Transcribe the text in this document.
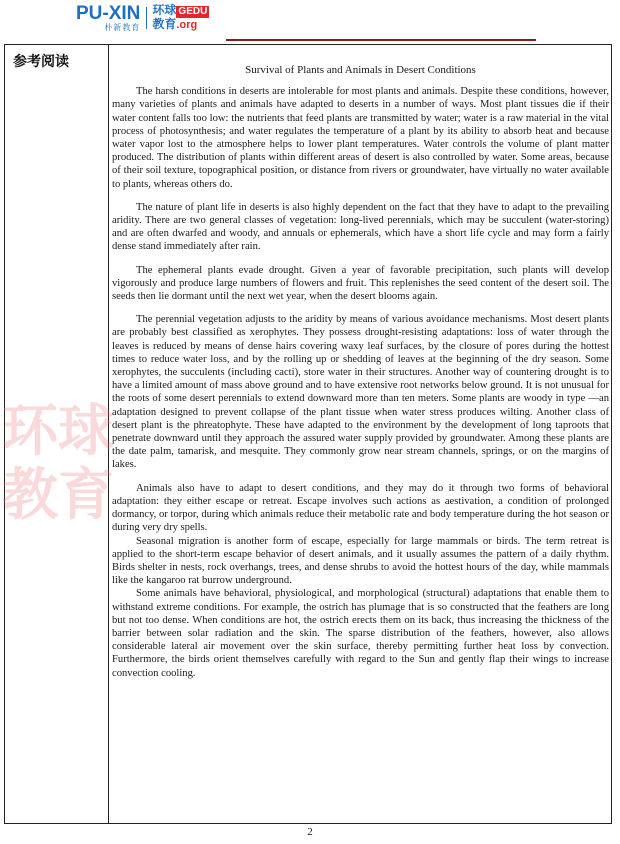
PU-XIN
朴新教育
环球 GEDU
教育.org
参考阅读
环球
教育
Survival of Plants and Animals in Desert Conditions

The harsh conditions in deserts are intolerable for most plants and animals. Despite these conditions, however, many varieties of plants and animals have adapted to deserts in a number of ways. Most plant tissues die if their water content falls too low: the nutrients that feed plants are transmitted by water; water is a raw material in the vital process of photosynthesis; and water regulates the temperature of a plant by its ability to absorb heat and because water vapor lost to the atmosphere helps to lower plant temperatures. Water controls the volume of plant matter produced. The distribution of plants within different areas of desert is also controlled by water. Some areas, because of their soil texture, topographical position, or distance from rivers or groundwater, have virtually no water available to plants, whereas others do.

The nature of plant life in deserts is also highly dependent on the fact that they have to adapt to the prevailing aridity. There are two general classes of vegetation: long-lived perennials, which may be succulent (water-storing) and are often dwarfed and woody, and annuals or ephemerals, which have a short life cycle and may form a fairly dense stand immediately after rain.

The ephemeral plants evade drought. Given a year of favorable precipitation, such plants will develop vigorously and produce large numbers of flowers and fruit. This replenishes the seed content of the desert soil. The seeds then lie dormant until the next wet year, when the desert blooms again.

The perennial vegetation adjusts to the aridity by means of various avoidance mechanisms. Most desert plants are probably best classified as xerophytes. They possess drought-resisting adaptations: loss of water through the leaves is reduced by means of dense hairs covering waxy leaf surfaces, by the closure of pores during the hottest times to reduce water loss, and by the rolling up or shedding of leaves at the beginning of the dry season. Some xerophytes, the succulents (including cacti), store water in their structures. Another way of countering drought is to have a limited amount of mass above ground and to have extensive root networks below ground. It is not unusual for the roots of some desert perennials to extend downward more than ten meters. Some plants are woody in type —an adaptation designed to prevent collapse of the plant tissue when water stress produces wilting. Another class of desert plant is the phreatophyte. These have adapted to the environment by the development of long taproots that penetrate downward until they approach the assured water supply provided by groundwater. Among these plants are the date palm, tamarisk, and mesquite. They commonly grow near stream channels, springs, or on the margins of lakes.

Animals also have to adapt to desert conditions, and they may do it through two forms of behavioral adaptation: they either escape or retreat. Escape involves such actions as aestivation, a condition of prolonged dormancy, or torpor, during which animals reduce their metabolic rate and body temperature during the hot season or during very dry spells.

Seasonal migration is another form of escape, especially for large mammals or birds. The term retreat is applied to the short-term escape behavior of desert animals, and it usually assumes the pattern of a daily rhythm. Birds shelter in nests, rock overhangs, trees, and dense shrubs to avoid the hottest hours of the day, while mammals like the kangaroo rat burrow underground.

Some animals have behavioral, physiological, and morphological (structural) adaptations that enable them to withstand extreme conditions. For example, the ostrich has plumage that is so constructed that the feathers are long but not too dense. When conditions are hot, the ostrich erects them on its back, thus increasing the thickness of the barrier between solar radiation and the skin. The sparse distribution of the feathers, however, also allows considerable lateral air movement over the skin surface, thereby permitting further heat loss by convection. Furthermore, the birds orient themselves carefully with regard to the Sun and gently flap their wings to increase convection cooling.

2
